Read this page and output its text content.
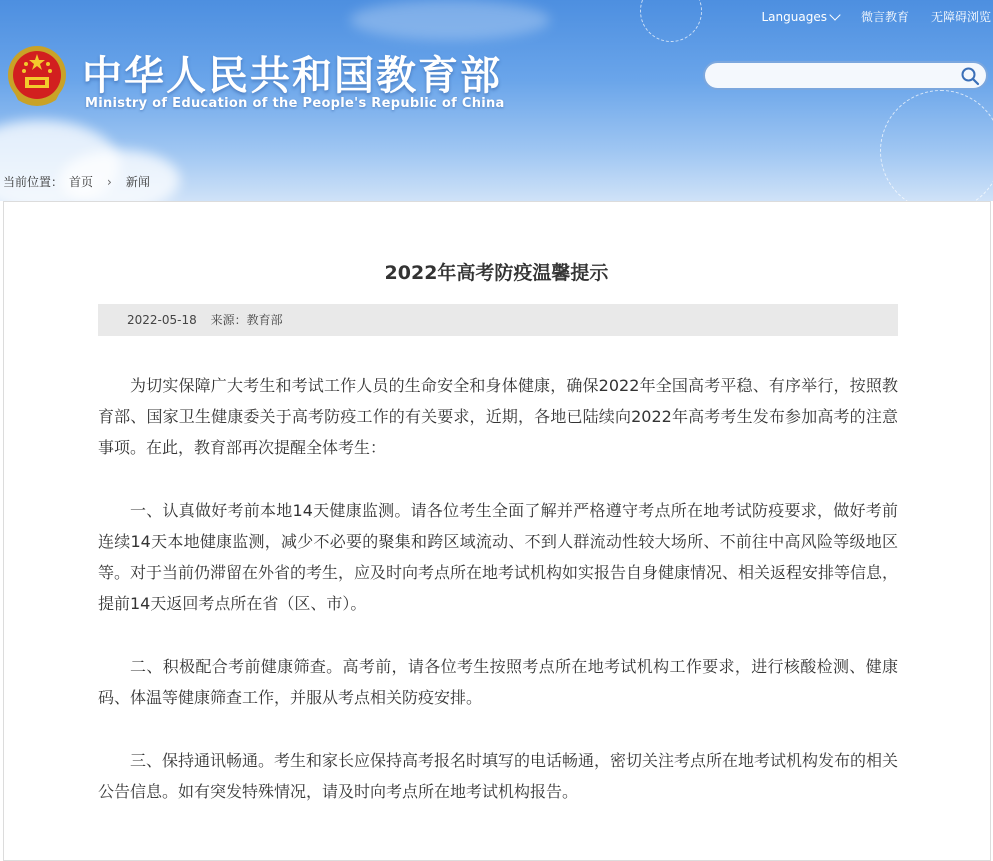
Languages	微言教育 无障碍浏览
中华人民共和国教育部
Ministry of Education of the People's Republic of China
当前位置： 首页 › 新闻
2022年高考防疫温馨提示
2022-05-18 来源：教育部

为切实保障广大考生和考试工作人员的生命安全和身体健康，确保2022年全国高考平稳、有序举行，按照教育部、国家卫生健康委关于高考防疫工作的有关要求，近期，各地已陆续向2022年高考考生发布参加高考的注意事项。在此，教育部再次提醒全体考生：

一、认真做好考前本地14天健康监测。请各位考生全面了解并严格遵守考点所在地考试防疫要求，做好考前连续14天本地健康监测，减少不必要的聚集和跨区域流动、不到人群流动性较大场所、不前往中高风险等级地区等。对于当前仍滞留在外省的考生，应及时向考点所在地考试机构如实报告自身健康情况、相关返程安排等信息，提前14天返回考点所在省（区、市）。

二、积极配合考前健康筛查。高考前，请各位考生按照考点所在地考试机构工作要求，进行核酸检测、健康码、体温等健康筛查工作，并服从考点相关防疫安排。

三、保持通讯畅通。考生和家长应保持高考报名时填写的电话畅通，密切关注考点所在地考试机构发布的相关公告信息。如有突发特殊情况，请及时向考点所在地考试机构报告。
